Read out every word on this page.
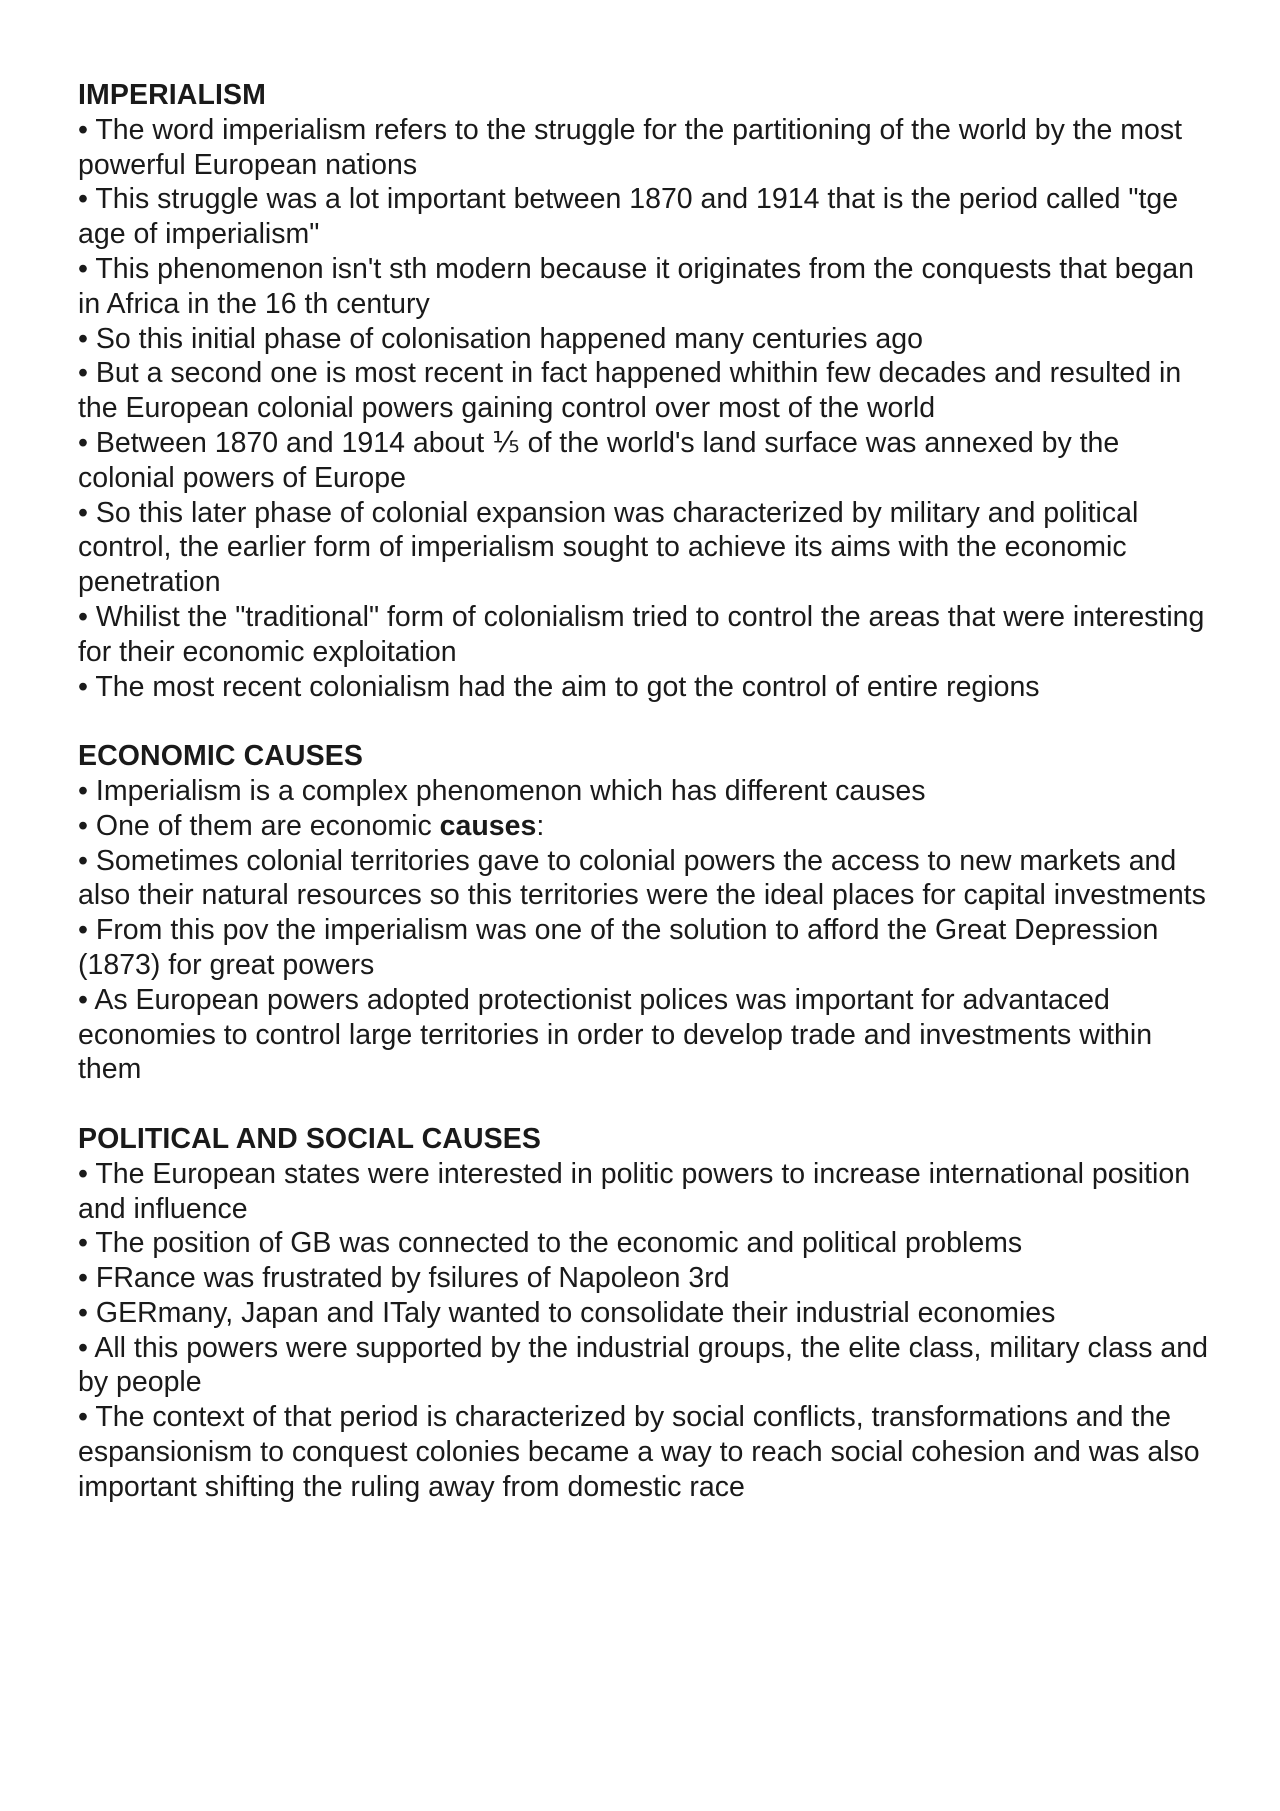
IMPERIALISM

• The word imperialism refers to the struggle for the partitioning of the world by the most powerful European nations

• This struggle was a lot important between 1870 and 1914 that is the period called "tge age of imperialism"

• This phenomenon isn't sth modern because it originates from the conquests that began in Africa in the 16 th century

• So this initial phase of colonisation happened many centuries ago

• But a second one is most recent in fact happened whithin few decades and resulted in the European colonial powers gaining control over most of the world

• Between 1870 and 1914 about ⅕ of the world's land surface was annexed by the colonial powers of Europe

• So this later phase of colonial expansion was characterized by military and political control, the earlier form of imperialism sought to achieve its aims with the economic penetration

• Whilist the "traditional" form of colonialism tried to control the areas that were interesting for their economic exploitation

• The most recent colonialism had the aim to got the control of entire regions

ECONOMIC CAUSES

• Imperialism is a complex phenomenon which has different causes

• One of them are economic causes:

• Sometimes colonial territories gave to colonial powers the access to new markets and also their natural resources so this territories were the ideal places for capital investments

• From this pov the imperialism was one of the solution to afford the Great Depression (1873) for great powers

• As European powers adopted protectionist polices was important for advantaced economies to control large territories in order to develop trade and investments within them

POLITICAL AND SOCIAL CAUSES

• The European states were interested in politic powers to increase international position and influence

• The position of GB was connected to the economic and political problems

• FRance was frustrated by fsilures of Napoleon 3rd

• GERmany, Japan and ITaly wanted to consolidate their industrial economies

• All this powers were supported by the industrial groups, the elite class, military class and by people

• The context of that period is characterized by social conflicts, transformations and the espansionism to conquest colonies became a way to reach social cohesion and was also important shifting the ruling away from domestic race
